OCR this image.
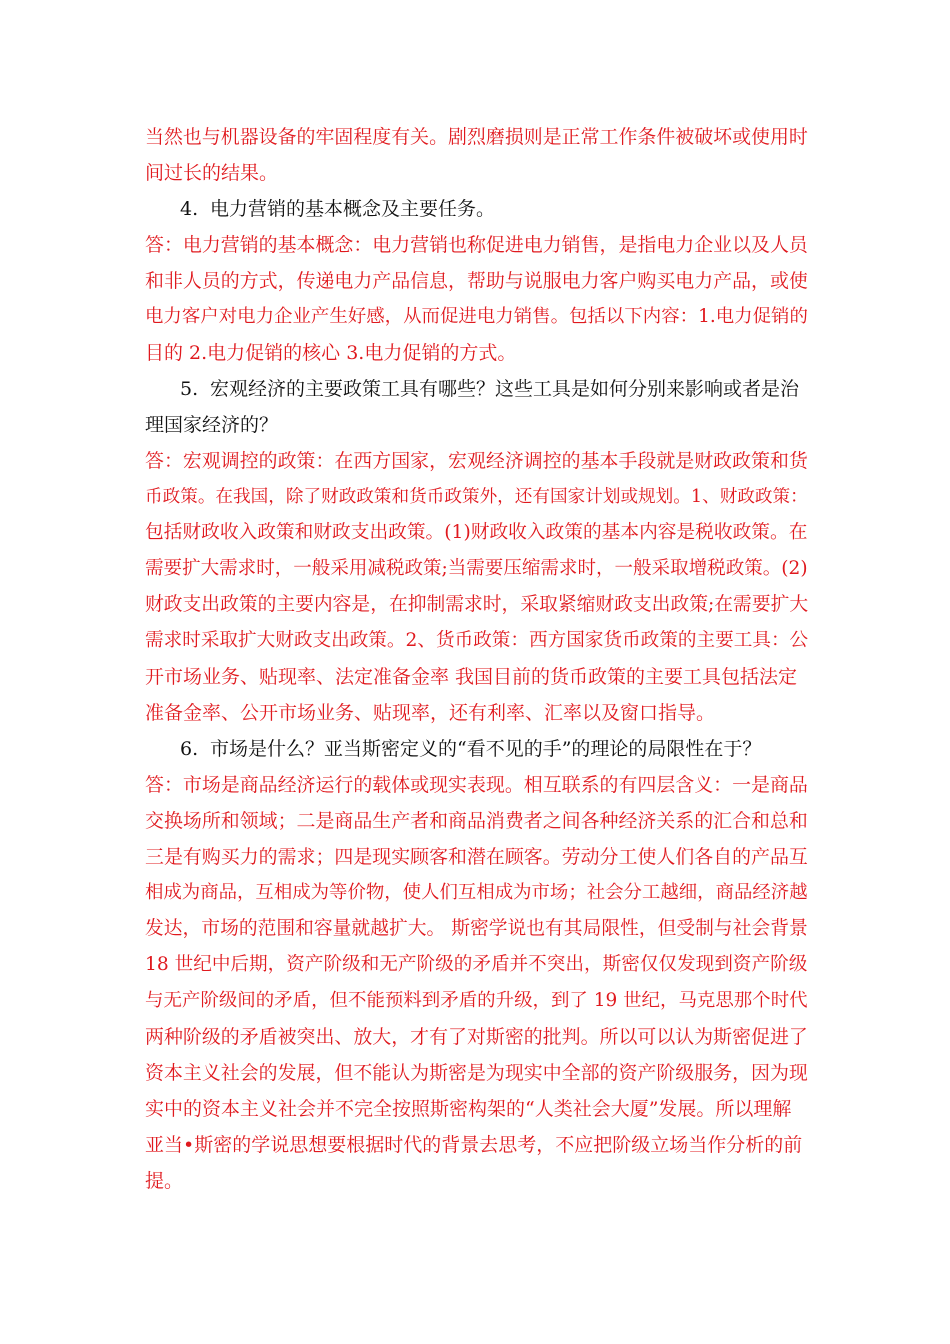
当然也与机器设备的牢固程度有关。剧烈磨损则是正常工作条件被破坏或使用时
间过长的结果。
4. 电力营销的基本概念及主要任务。
答：电力营销的基本概念：电力营销也称促进电力销售，是指电力企业以及人员
和非人员的方式，传递电力产品信息，帮助与说服电力客户购买电力产品，或使
电力客户对电力企业产生好感，从而促进电力销售。包括以下内容：1.电力促销的
目的 2.电力促销的核心 3.电力促销的方式。
5. 宏观经济的主要政策工具有哪些？这些工具是如何分别来影响或者是治
理国家经济的？
答：宏观调控的政策：在西方国家，宏观经济调控的基本手段就是财政政策和货
币政策。在我国，除了财政政策和货币政策外，还有国家计划或规划。1、财政政策：
包括财政收入政策和财政支出政策。(1)财政收入政策的基本内容是税收政策。在
需要扩大需求时，一般采用减税政策;当需要压缩需求时，一般采取增税政策。(2)
财政支出政策的主要内容是，在抑制需求时，采取紧缩财政支出政策;在需要扩大
需求时采取扩大财政支出政策。2、货币政策：西方国家货币政策的主要工具：公
开市场业务、贴现率、法定准备金率 我国目前的货币政策的主要工具包括法定
准备金率、公开市场业务、贴现率，还有利率、汇率以及窗口指导。
6. 市场是什么？亚当斯密定义的“看不见的手”的理论的局限性在于？
答：市场是商品经济运行的载体或现实表现。相互联系的有四层含义：一是商品
交换场所和领域；二是商品生产者和商品消费者之间各种经济关系的汇合和总和
三是有购买力的需求；四是现实顾客和潜在顾客。劳动分工使人们各自的产品互
相成为商品，互相成为等价物，使人们互相成为市场；社会分工越细，商品经济越
发达，市场的范围和容量就越扩大。 斯密学说也有其局限性，但受制与社会背景
18 世纪中后期，资产阶级和无产阶级的矛盾并不突出，斯密仅仅发现到资产阶级
与无产阶级间的矛盾，但不能预料到矛盾的升级，到了 19 世纪，马克思那个时代
两种阶级的矛盾被突出、放大，才有了对斯密的批判。所以可以认为斯密促进了
资本主义社会的发展，但不能认为斯密是为现实中全部的资产阶级服务，因为现
实中的资本主义社会并不完全按照斯密构架的“人类社会大厦”发展。所以理解
亚当•斯密的学说思想要根据时代的背景去思考，不应把阶级立场当作分析的前
提。
